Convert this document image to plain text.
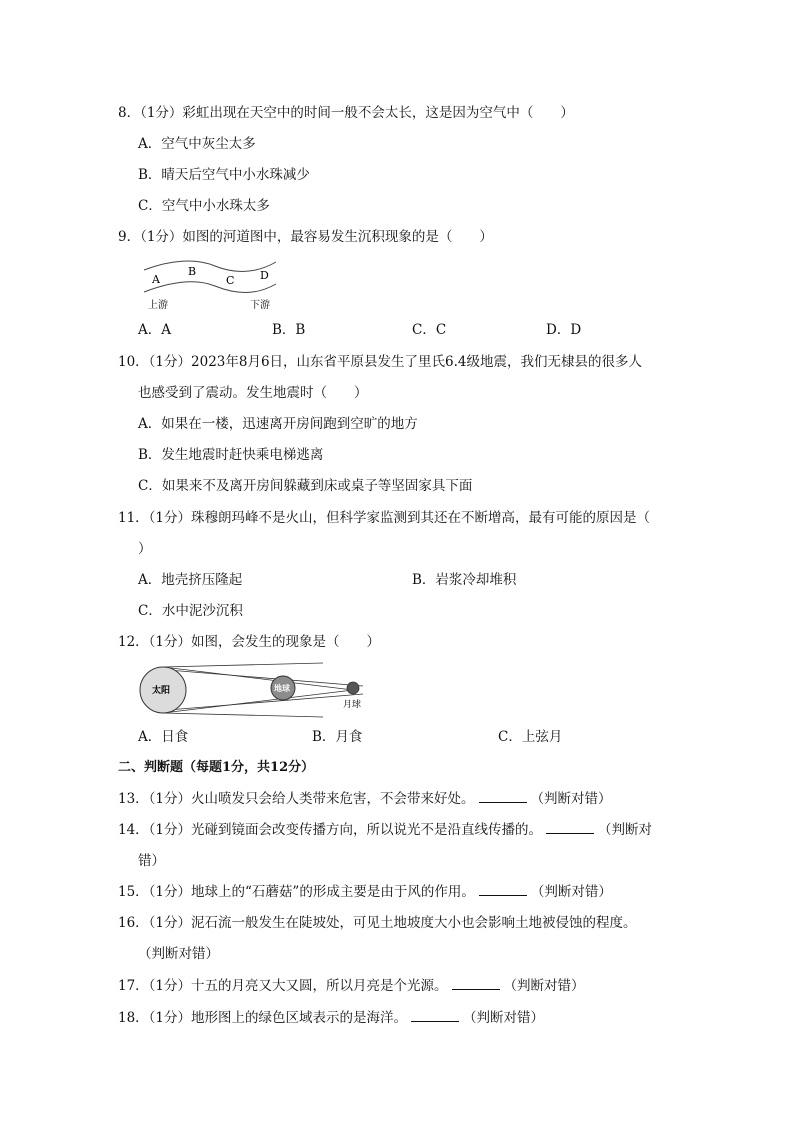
8．（1分）彩虹出现在天空中的时间一般不会太长，这是因为空气中（　　）
A．空气中灰尘太多
B．晴天后空气中小水珠减少
C．空气中小水珠太多
9．（1分）如图的河道图中，最容易发生沉积现象的是（　　）
A
B
C D
上游	下游
A．A	B．B	C．C	D．D
10．（1分）2023年8月6日，山东省平原县发生了里氏6.4级地震，我们无棣县的很多人
也感受到了震动。发生地震时（　　）
A．如果在一楼，迅速离开房间跑到空旷的地方
B．发生地震时赶快乘电梯逃离
C．如果来不及离开房间躲藏到床或桌子等坚固家具下面
11．（1分）珠穆朗玛峰不是火山，但科学家监测到其还在不断增高，最有可能的原因是（
）
A．地壳挤压隆起	B．岩浆冷却堆积
C．水中泥沙沉积
12．（1分）如图，会发生的现象是（　　）
太阳	地球
月球
A．日食	B．月食	C．上弦月
二、判断题（每题1分，共12分）
13．（1分）火山喷发只会给人类带来危害，不会带来好处。	（判断对错）
14．（1分）光碰到镜面会改变传播方向，所以说光不是沿直线传播的。	（判断对
错）
15．（1分）地球上的“石蘑菇”的形成主要是由于风的作用。	（判断对错）
16．（1分）泥石流一般发生在陡坡处，可见土地坡度大小也会影响土地被侵蚀的程度。
（判断对错）
17．（1分）十五的月亮又大又圆，所以月亮是个光源。	（判断对错）
18．（1分）地形图上的绿色区域表示的是海洋。	（判断对错）
